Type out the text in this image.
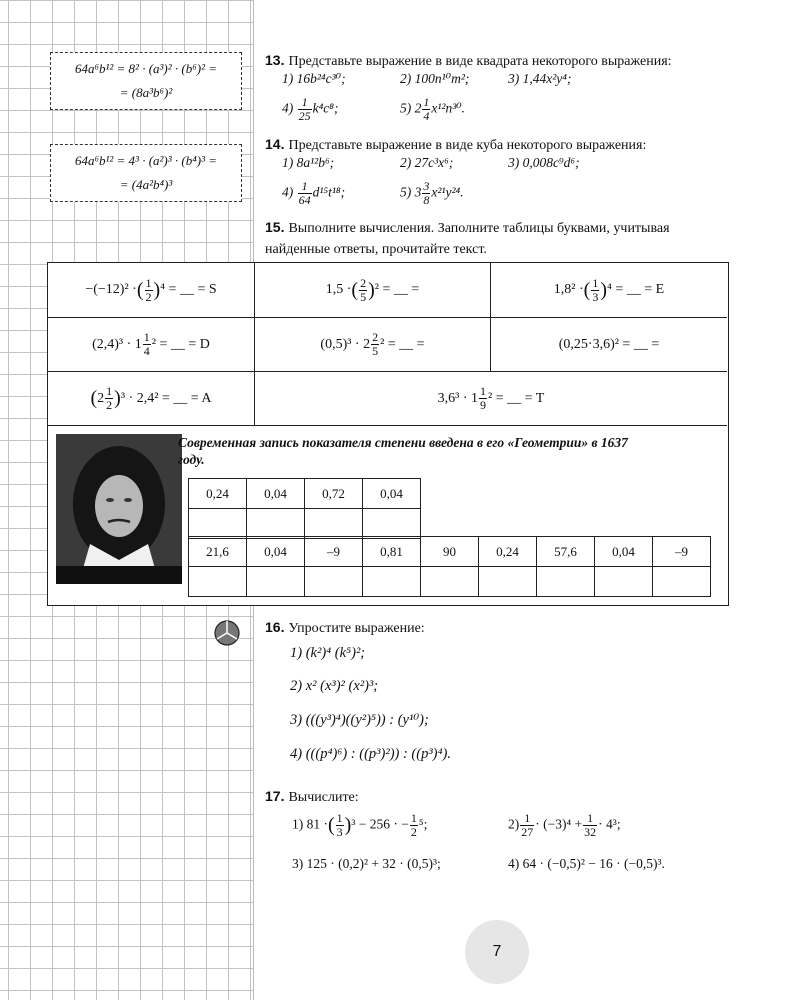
64a⁶b¹² = 8² · (a³)² · (b⁶)² =
= (8a³b⁶)²
64a⁶b¹² = 4³ · (a²)³ · (b⁴)³ =
= (4a²b⁴)³
13. Представьте выражение в виде квадрата некоторого выражения:
1) 16b²⁴c³⁰;	2) 100n¹⁰m²;	3) 1,44x²y⁴;
$4) \frac{1}{25} k^4c^8$;	5) $2 \frac{1}{4} x^{12}n^{30}$.
14. Представьте выражение в виде куба некоторого выражения:
1) 8a¹²b⁶;	2) 27c³x⁶;	3) 0,008c⁹d⁶;
$4) \frac{1}{64} d^{15}t^{18}$;	5) $3 \frac{3}{8} x^{21}y^{24}$.
15. Выполните вычисления. Заполните таблицы буквами, учитывая найденные ответы, прочитайте текст.
−(−12)² · ( $\frac{1}{2}$ ) ⁴ = __ = S	1,5 · ( $\frac{2}{5}$ ) ² = __ =	1,8² · ( $\frac{1}{3}$ ) ⁴ = __ = E
$(2,4)^3 \cdot 1 \frac{1}{4} ^2$ = __ = D	$(0,5)^3 \cdot 2 \frac{2}{5} ^2$ = __ =	(0,25·3,6)² = __ =
( $2 \frac{1}{2}$ ) ³ · 2,4² = __ = A	$3,6^3 \cdot 1 \frac{1}{9} ^2$ = __ = T
Современная запись показателя степени введена в его «Геометрии» в 1637 году.
0,24	0,04	0,72	0,04

21,6	0,04	–9	0,81	90	0,24	57,6	0,04	–9

16. Упростите выражение:
1) (k²)⁴ (k⁵)²;
2) x² (x³)² (x²)³;
3) (((y³)⁴)((y²)⁵)) : (y¹⁰);
4) (((p⁴)⁶) : ((p³)²)) : ((p³)⁴).
17. Вычислите:
1) 81 ·( $\frac{1}{3} )^3 - 256$ · − $\frac{1}{2} ^5$;	$2) \frac{1}{27} \cdot (-3)^4 + \frac{1}{32} \cdot 4^3$;
3) 125 · (0,2)² + 32 · (0,5)³;	4) 64 · (−0,5)² − 16 · (−0,5)³.
7
